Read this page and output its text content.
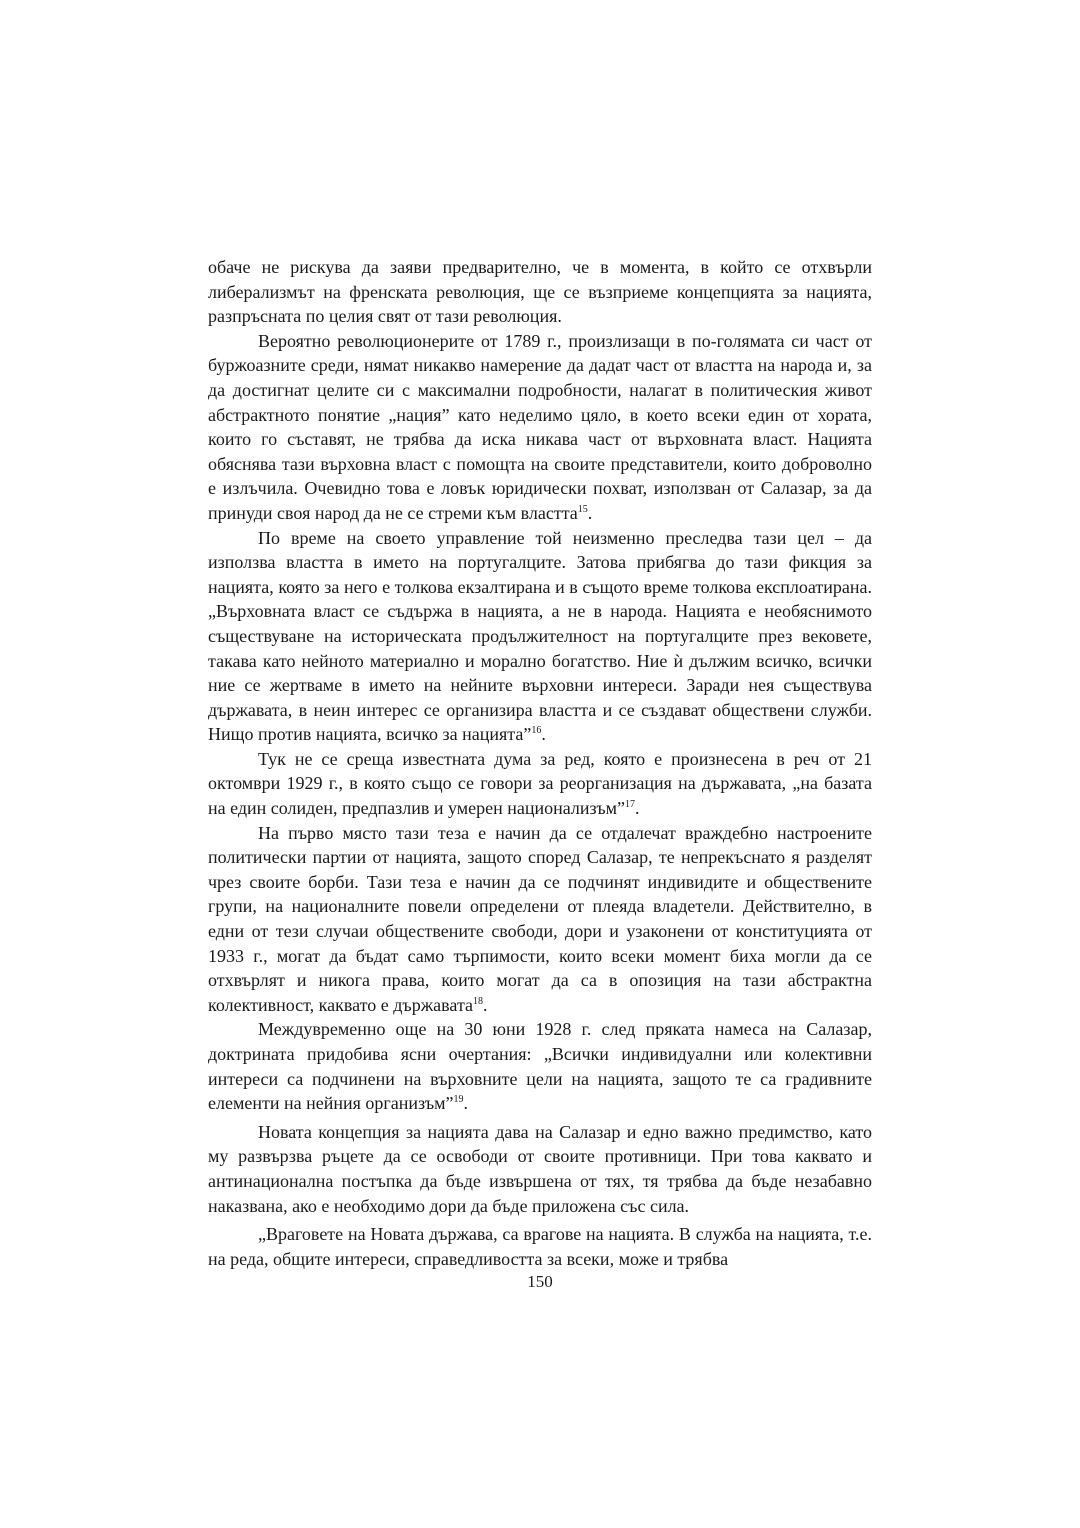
обаче не рискува да заяви предварително, че в момента, в който се отхвърли либерализмът на френската революция, ще се възприеме концепцията за нацията, разпръсната по целия свят от тази революция.

Вероятно революционерите от 1789 г., произлизащи в по-голямата си част от буржоазните среди, нямат никакво намерение да дадат част от властта на народа и, за да достигнат целите си с максимални подробности, налагат в политическия живот абстрактното понятие „нация” като неделимо цяло, в което всеки един от хората, които го съставят, не трябва да иска никава част от върховната власт. Нацията обяснява тази върховна власт с помощта на своите представители, които доброволно е излъчила. Очевидно това е ловък юридически похват, използван от Салазар, за да принуди своя народ да не се стреми към властта$^{15}$.

По време на своето управление той неизменно преследва тази цел – да използва властта в името на португалците. Затова прибягва до тази фикция за нацията, която за него е толкова екзалтирана и в същото време толкова експлоатирана. „Върховната власт се съдържа в нацията, а не в народа. Нацията е необяснимото съществуване на историческата продължителност на португалците през вековете, такава като нейното материално и морално богатство. Ние ѝ дължим всичко, всички ние се жертваме в името на нейните върховни интереси. Заради нея съществува държавата, в неин интерес се организира властта и се създават обществени служби. Нищо против нацията, всичко за нацията”$^{16}$.

Тук не се среща известната дума за ред, която е произнесена в реч от 21 октомври 1929 г., в която също се говори за реорганизация на държавата, „на базата на един солиден, предпазлив и умерен национализъм”$^{17}$.

На първо място тази теза е начин да се отдалечат враждебно настроените политически партии от нацията, защото според Салазар, те непрекъснато я разделят чрез своите борби. Тази теза е начин да се подчинят индивидите и обществените групи, на националните повели определени от плеяда владетели. Действително, в едни от тези случаи обществените свободи, дори и узаконени от конституцията от 1933 г., могат да бъдат само търпимости, които всеки момент биха могли да се отхвърлят и никога права, които могат да са в опозиция на тази абстрактна колективност, каквато е държавата$^{18}$.

Междувременно още на 30 юни 1928 г. след пряката намеса на Салазар, доктрината придобива ясни очертания: „Всички индивидуални или колективни интереси са подчинени на върховните цели на нацията, защото те са градивните елементи на нейния организъм”$^{19}$.

Новата концепция за нацията дава на Салазар и едно важно предимство, като му развързва ръцете да се освободи от своите противници. При това каквато и антинационална постъпка да бъде извършена от тях, тя трябва да бъде незабавно наказвана, ако е необходимо дори да бъде приложена със сила.

„Враговете на Новата държава, са врагове на нацията. В служба на нацията, т.е. на реда, общите интереси, справедливостта за всеки, може и трябва

150
